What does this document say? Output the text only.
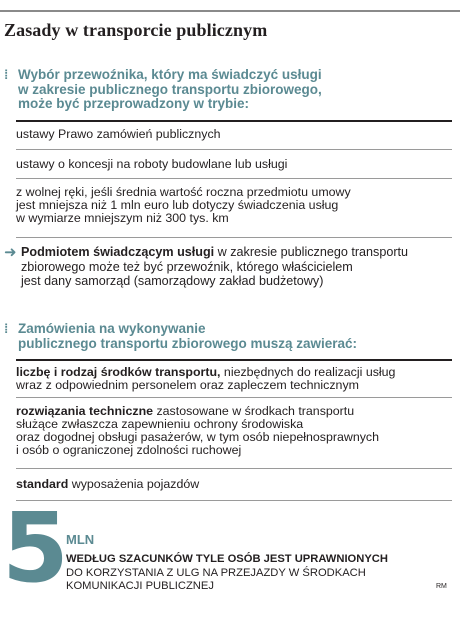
Zasady w transporcie publicznym
⁞ Wybór przewoźnika, który ma świadczyć usługi
w zakresie publicznego transportu zbiorowego,
może być przeprowadzony w trybie:
ustawy Prawo zamówień publicznych
ustawy o koncesji na roboty budowlane lub usługi
z wolnej ręki, jeśli średnia wartość roczna przedmiotu umowy
jest mniejsza niż 1 mln euro lub dotyczy świadczenia usług
w wymiarze mniejszym niż 300 tys. km
➜ Podmiotem świadczącym usługi w zakresie publicznego transportu
zbiorowego może też być przewoźnik, którego właścicielem
jest dany samorząd (samorządowy zakład budżetowy)
⁞ Zamówienia na wykonywanie
publicznego transportu zbiorowego muszą zawierać:
liczbę i rodzaj środków transportu, niezbędnych do realizacji usług
wraz z odpowiednim personelem oraz zapleczem technicznym
rozwiązania techniczne zastosowane w środkach transportu
służące zwłaszcza zapewnieniu ochrony środowiska
oraz dogodnej obsługi pasażerów, w tym osób niepełnosprawnych
i osób o ograniczonej zdolności ruchowej
standard wyposażenia pojazdów
5
MLN
WEDŁUG SZACUNKÓW TYLE OSÓB JEST UPRAWNIONYCH
DO KORZYSTANIA Z ULG NA PRZEJAZDY W ŚRODKACH
KOMUNIKACJI PUBLICZNEJ	RM
